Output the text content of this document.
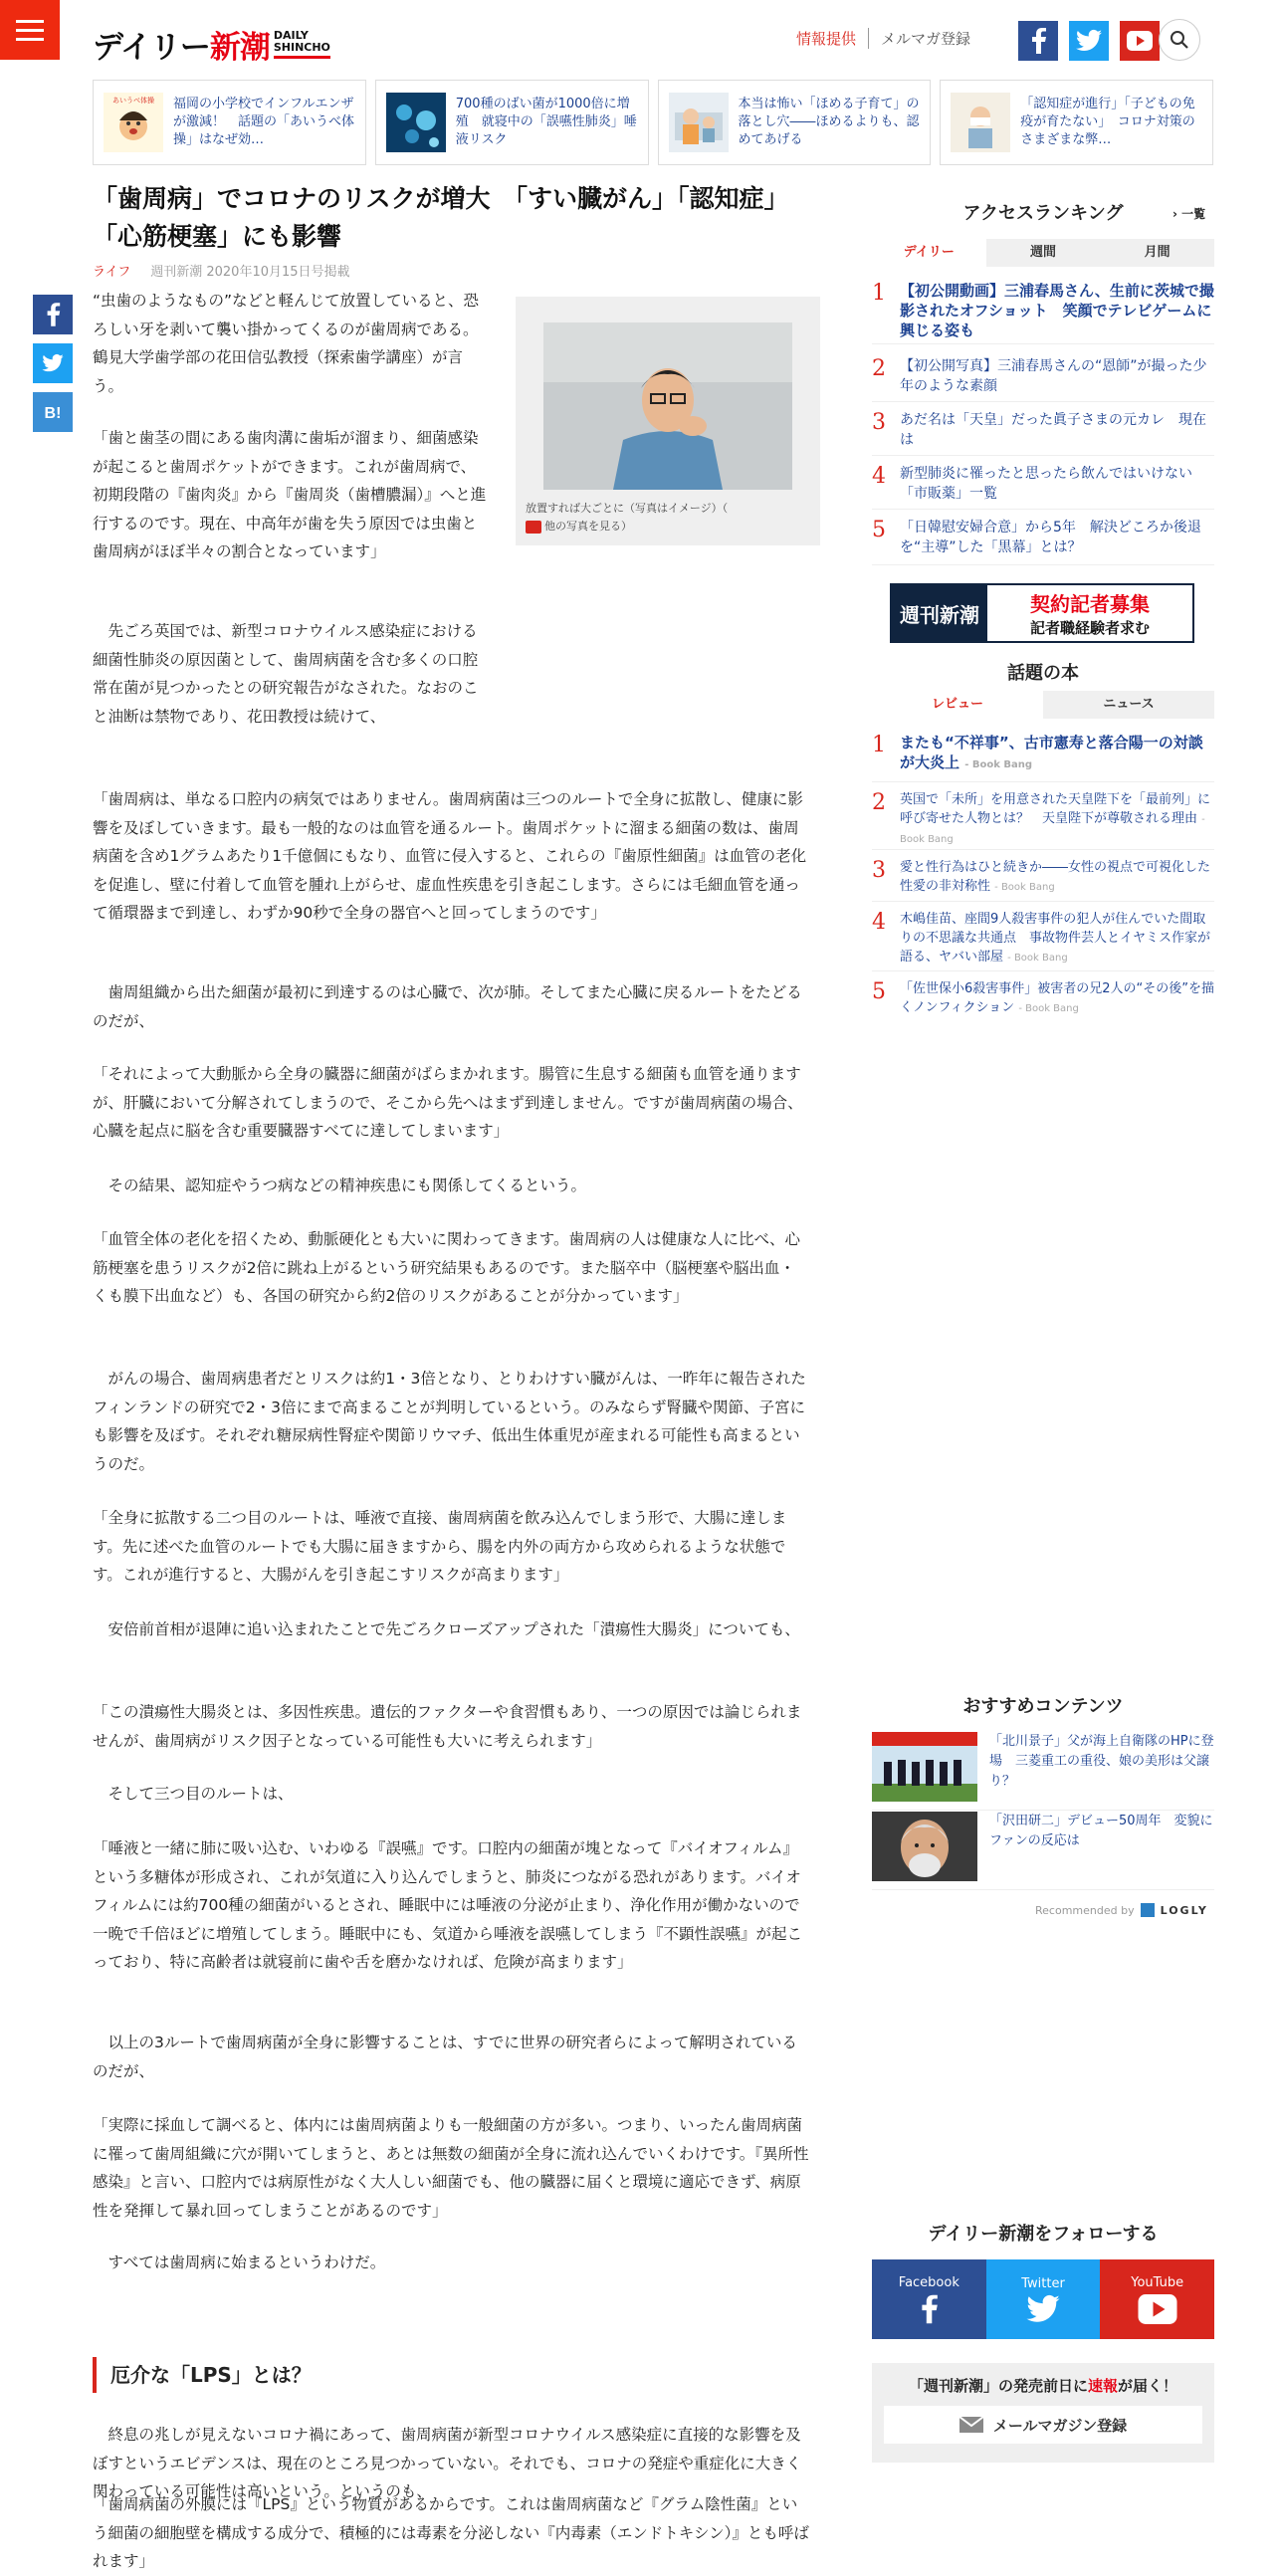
デイリー新潮 DAILY
SHINCHO	情報提供	メルマガ登録
あいうべ体操 福岡の小学校でインフルエンザが激減！　話題の「あいうべ体操」はなぜ効…
700種のばい菌が1000倍に増殖　就寝中の「誤嚥性肺炎」唾液リスク
本当は怖い「ほめる子育て」の落とし穴――ほめるよりも、認めてあげる
「認知症が進行」「子どもの免疫が育たない」　コロナ対策のさまざまな弊…
「歯周病」でコロナのリスクが増大　「すい臓がん」「認知症」「心筋梗塞」にも影響
ライフ 週刊新潮 2020年10月15日号掲載
B!
放置すれば大ごとに（写真はイメージ）（
他の写真を見る）

“虫歯のようなもの”などと軽んじて放置していると、恐ろしい牙を剥いて襲い掛かってくるのが歯周病である。鶴見大学歯学部の花田信弘教授（探索歯学講座）が言う。

「歯と歯茎の間にある歯肉溝に歯垢が溜まり、細菌感染が起こると歯周ポケットができます。これが歯周病で、初期段階の『歯肉炎』から『歯周炎（歯槽膿漏）』へと進行するのです。現在、中高年が歯を失う原因では虫歯と歯周病がほぼ半々の割合となっています」

　先ごろ英国では、新型コロナウイルス感染症における細菌性肺炎の原因菌として、歯周病菌を含む多くの口腔常在菌が見つかったとの研究報告がなされた。なおのこと油断は禁物であり、花田教授は続けて、

「歯周病は、単なる口腔内の病気ではありません。歯周病菌は三つのルートで全身に拡散し、健康に影響を及ぼしていきます。最も一般的なのは血管を通るルート。歯周ポケットに溜まる細菌の数は、歯周病菌を含め1グラムあたり1千億個にもなり、血管に侵入すると、これらの『歯原性細菌』は血管の老化を促進し、壁に付着して血管を腫れ上がらせ、虚血性疾患を引き起こします。さらには毛細血管を通って循環器まで到達し、わずか90秒で全身の器官へと回ってしまうのです」

　歯周組織から出た細菌が最初に到達するのは心臓で、次が肺。そしてまた心臓に戻るルートをたどるのだが、

「それによって大動脈から全身の臓器に細菌がばらまかれます。腸管に生息する細菌も血管を通りますが、肝臓において分解されてしまうので、そこから先へはまず到達しません。ですが歯周病菌の場合、心臓を起点に脳を含む重要臓器すべてに達してしまいます」

　その結果、認知症やうつ病などの精神疾患にも関係してくるという。

「血管全体の老化を招くため、動脈硬化とも大いに関わってきます。歯周病の人は健康な人に比べ、心筋梗塞を患うリスクが2倍に跳ね上がるという研究結果もあるのです。また脳卒中（脳梗塞や脳出血・くも膜下出血など）も、各国の研究から約2倍のリスクがあることが分かっています」

　がんの場合、歯周病患者だとリスクは約1・3倍となり、とりわけすい臓がんは、一昨年に報告されたフィンランドの研究で2・3倍にまで高まることが判明しているという。のみならず腎臓や関節、子宮にも影響を及ぼす。それぞれ糖尿病性腎症や関節リウマチ、低出生体重児が産まれる可能性も高まるというのだ。

「全身に拡散する二つ目のルートは、唾液で直接、歯周病菌を飲み込んでしまう形で、大腸に達します。先に述べた血管のルートでも大腸に届きますから、腸を内外の両方から攻められるような状態です。これが進行すると、大腸がんを引き起こすリスクが高まります」

　安倍前首相が退陣に追い込まれたことで先ごろクローズアップされた「潰瘍性大腸炎」についても、

「この潰瘍性大腸炎とは、多因性疾患。遺伝的ファクターや食習慣もあり、一つの原因では論じられませんが、歯周病がリスク因子となっている可能性も大いに考えられます」

　そして三つ目のルートは、

「唾液と一緒に肺に吸い込む、いわゆる『誤嚥』です。口腔内の細菌が塊となって『バイオフィルム』という多糖体が形成され、これが気道に入り込んでしまうと、肺炎につながる恐れがあります。バイオフィルムには約700種の細菌がいるとされ、睡眠中には唾液の分泌が止まり、浄化作用が働かないので一晩で千倍ほどに増殖してしまう。睡眠中にも、気道から唾液を誤嚥してしまう『不顕性誤嚥』が起こっており、特に高齢者は就寝前に歯や舌を磨かなければ、危険が高まります」

　以上の3ルートで歯周病菌が全身に影響することは、すでに世界の研究者らによって解明されているのだが、

「実際に採血して調べると、体内には歯周病菌よりも一般細菌の方が多い。つまり、いったん歯周病菌に罹って歯周組織に穴が開いてしまうと、あとは無数の細菌が全身に流れ込んでいくわけです。『異所性感染』と言い、口腔内では病原性がなく大人しい細菌でも、他の臓器に届くと環境に適応できず、病原性を発揮して暴れ回ってしまうことがあるのです」

　すべては歯周病に始まるというわけだ。

厄介な「LPS」とは？

　終息の兆しが見えないコロナ禍にあって、歯周病菌が新型コロナウイルス感染症に直接的な影響を及ぼすというエビデンスは、現在のところ見つかっていない。それでも、コロナの発症や重症化に大きく関わっている可能性は高いという。というのも、

「歯周病菌の外膜には『LPS』という物質があるからです。これは歯周病菌など『グラム陰性菌』という細菌の細胞壁を構成する成分で、積極的には毒素を分泌しない『内毒素（エンドトキシン）』とも呼ばれます」

アクセスランキング	› 一覧
デイリー	週間	月間
1 【初公開動画】三浦春馬さん、生前に茨城で撮影されたオフショット　笑顔でテレビゲームに興じる姿も
2 【初公開写真】三浦春馬さんの“恩師”が撮った少年のような素顔
3 あだ名は「天皇」だった眞子さまの元カレ　現在は
4 新型肺炎に罹ったと思ったら飲んではいけない「市販薬」一覧
5 「日韓慰安婦合意」から5年　解決どころか後退を“主導”した「黒幕」とは？
週刊新潮	契約記者募集
記者職経験者求む
話題の本
レビュー	ニュース
1 またも“不祥事”、古市憲寿と落合陽一の対談が大炎上 - Book Bang
2	英国で「未所」を用意された天皇陛下を「最前列」に呼び寄せた人物とは？　天皇陛下が尊敬される理由 - Book Bang
3	愛と性行為はひと続きか――女性の視点で可視化した性愛の非対称性 - Book Bang
4	木嶋佳苗、座間9人殺害事件の犯人が住んでいた間取りの不思議な共通点　事故物件芸人とイヤミス作家が語る、ヤバい部屋 - Book Bang
5	「佐世保小6殺害事件」被害者の兄2人の“その後”を描くノンフィクション - Book Bang
おすすめコンテンツ
「北川景子」父が海上自衛隊のHPに登場　三菱重工の重役、娘の美形は父譲り？
「沢田研二」デビュー50周年　変貌にファンの反応は
Recommended by LOGLY
デイリー新潮をフォローする
Facebook	Twitter	YouTube
「週刊新潮」の発売前日に速報が届く！
メールマガジン登録
